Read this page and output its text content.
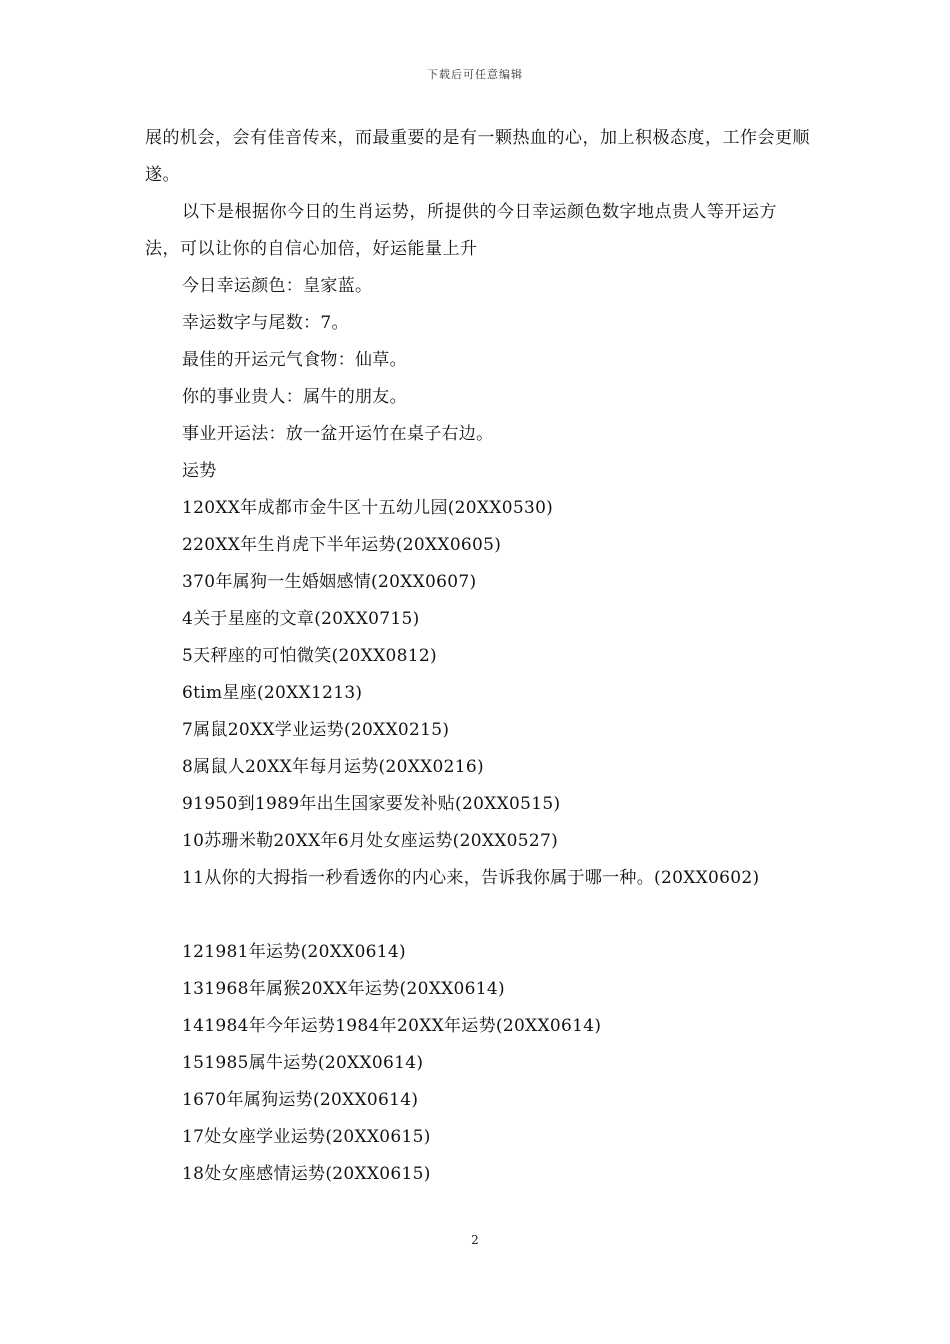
下载后可任意编辑

展的机会，会有佳音传来，而最重要的是有一颗热血的心，加上积极态度，工作会更顺遂。

以下是根据你今日的生肖运势，所提供的今日幸运颜色数字地点贵人等开运方法，可以让你的自信心加倍，好运能量上升

今日幸运颜色：皇家蓝。

幸运数字与尾数：7。

最佳的开运元气食物：仙草。

你的事业贵人：属牛的朋友。

事业开运法：放一盆开运竹在桌子右边。

运势

120XX年成都市金牛区十五幼儿园(20XX0530)

220XX年生肖虎下半年运势(20XX0605)

370年属狗一生婚姻感情(20XX0607)

4关于星座的文章(20XX0715)

5天秤座的可怕微笑(20XX0812)

6tim星座(20XX1213)

7属鼠20XX学业运势(20XX0215)

8属鼠人20XX年每月运势(20XX0216)

91950到1989年出生国家要发补贴(20XX0515)

10苏珊米勒20XX年6月处女座运势(20XX0527)

11从你的大拇指一秒看透你的内心来，告诉我你属于哪一种。(20XX0602)

121981年运势(20XX0614)

131968年属猴20XX年运势(20XX0614)

141984年今年运势1984年20XX年运势(20XX0614)

151985属牛运势(20XX0614)

1670年属狗运势(20XX0614)

17处女座学业运势(20XX0615)

18处女座感情运势(20XX0615)

2
